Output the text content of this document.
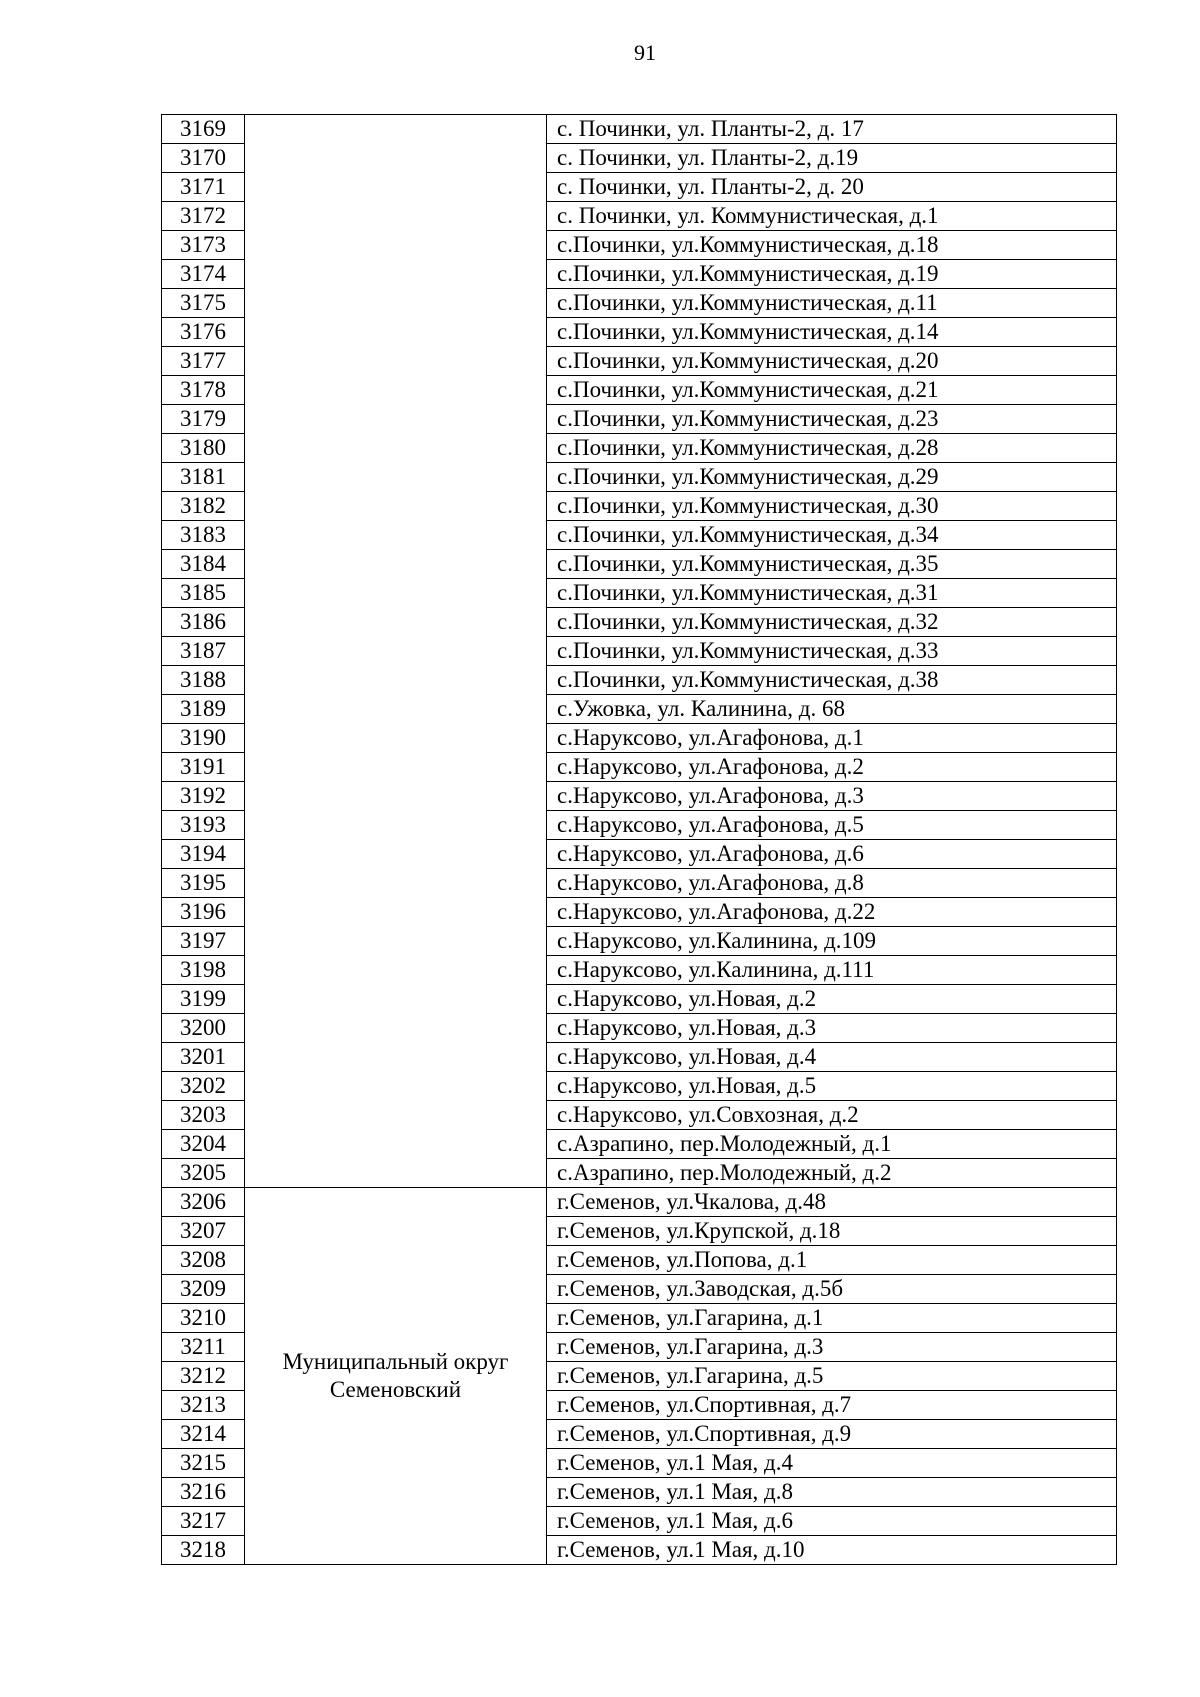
91
3169		с. Починки, ул. Планты-2, д. 17
3170		с. Починки, ул. Планты-2, д.19
3171		с. Починки, ул. Планты-2, д. 20
3172		с. Починки, ул. Коммунистическая, д.1
3173		с.Починки, ул.Коммунистическая, д.18
3174		с.Починки, ул.Коммунистическая, д.19
3175		с.Починки, ул.Коммунистическая, д.11
3176		с.Починки, ул.Коммунистическая, д.14
3177		с.Починки, ул.Коммунистическая, д.20
3178		с.Починки, ул.Коммунистическая, д.21
3179		с.Починки, ул.Коммунистическая, д.23
3180		с.Починки, ул.Коммунистическая, д.28
3181		с.Починки, ул.Коммунистическая, д.29
3182		с.Починки, ул.Коммунистическая, д.30
3183		с.Починки, ул.Коммунистическая, д.34
3184		с.Починки, ул.Коммунистическая, д.35
3185		с.Починки, ул.Коммунистическая, д.31
3186		с.Починки, ул.Коммунистическая, д.32
3187		с.Починки, ул.Коммунистическая, д.33
3188		с.Починки, ул.Коммунистическая, д.38
3189		с.Ужовка, ул. Калинина, д. 68
3190		с.Наруксово, ул.Агафонова, д.1
3191		с.Наруксово, ул.Агафонова, д.2
3192		с.Наруксово, ул.Агафонова, д.3
3193		с.Наруксово, ул.Агафонова, д.5
3194		с.Наруксово, ул.Агафонова, д.6
3195		с.Наруксово, ул.Агафонова, д.8
3196		с.Наруксово, ул.Агафонова, д.22
3197		с.Наруксово, ул.Калинина, д.109
3198		с.Наруксово, ул.Калинина, д.111
3199		с.Наруксово, ул.Новая, д.2
3200		с.Наруксово, ул.Новая, д.3
3201		с.Наруксово, ул.Новая, д.4
3202		с.Наруксово, ул.Новая, д.5
3203		с.Наруксово, ул.Совхозная, д.2
3204		с.Азрапино, пер.Молодежный, д.1
3205		с.Азрапино, пер.Молодежный, д.2
3206	Муниципальный округ Семеновский	г.Семенов, ул.Чкалова, д.48
3207		г.Семенов, ул.Крупской, д.18
3208		г.Семенов, ул.Попова, д.1
3209		г.Семенов, ул.Заводская, д.5б
3210		г.Семенов, ул.Гагарина, д.1
3211		г.Семенов, ул.Гагарина, д.3
3212		г.Семенов, ул.Гагарина, д.5
3213		г.Семенов, ул.Спортивная, д.7
3214		г.Семенов, ул.Спортивная, д.9
3215		г.Семенов, ул.1 Мая, д.4
3216		г.Семенов, ул.1 Мая, д.8
3217		г.Семенов, ул.1 Мая, д.6
3218		г.Семенов, ул.1 Мая, д.10
